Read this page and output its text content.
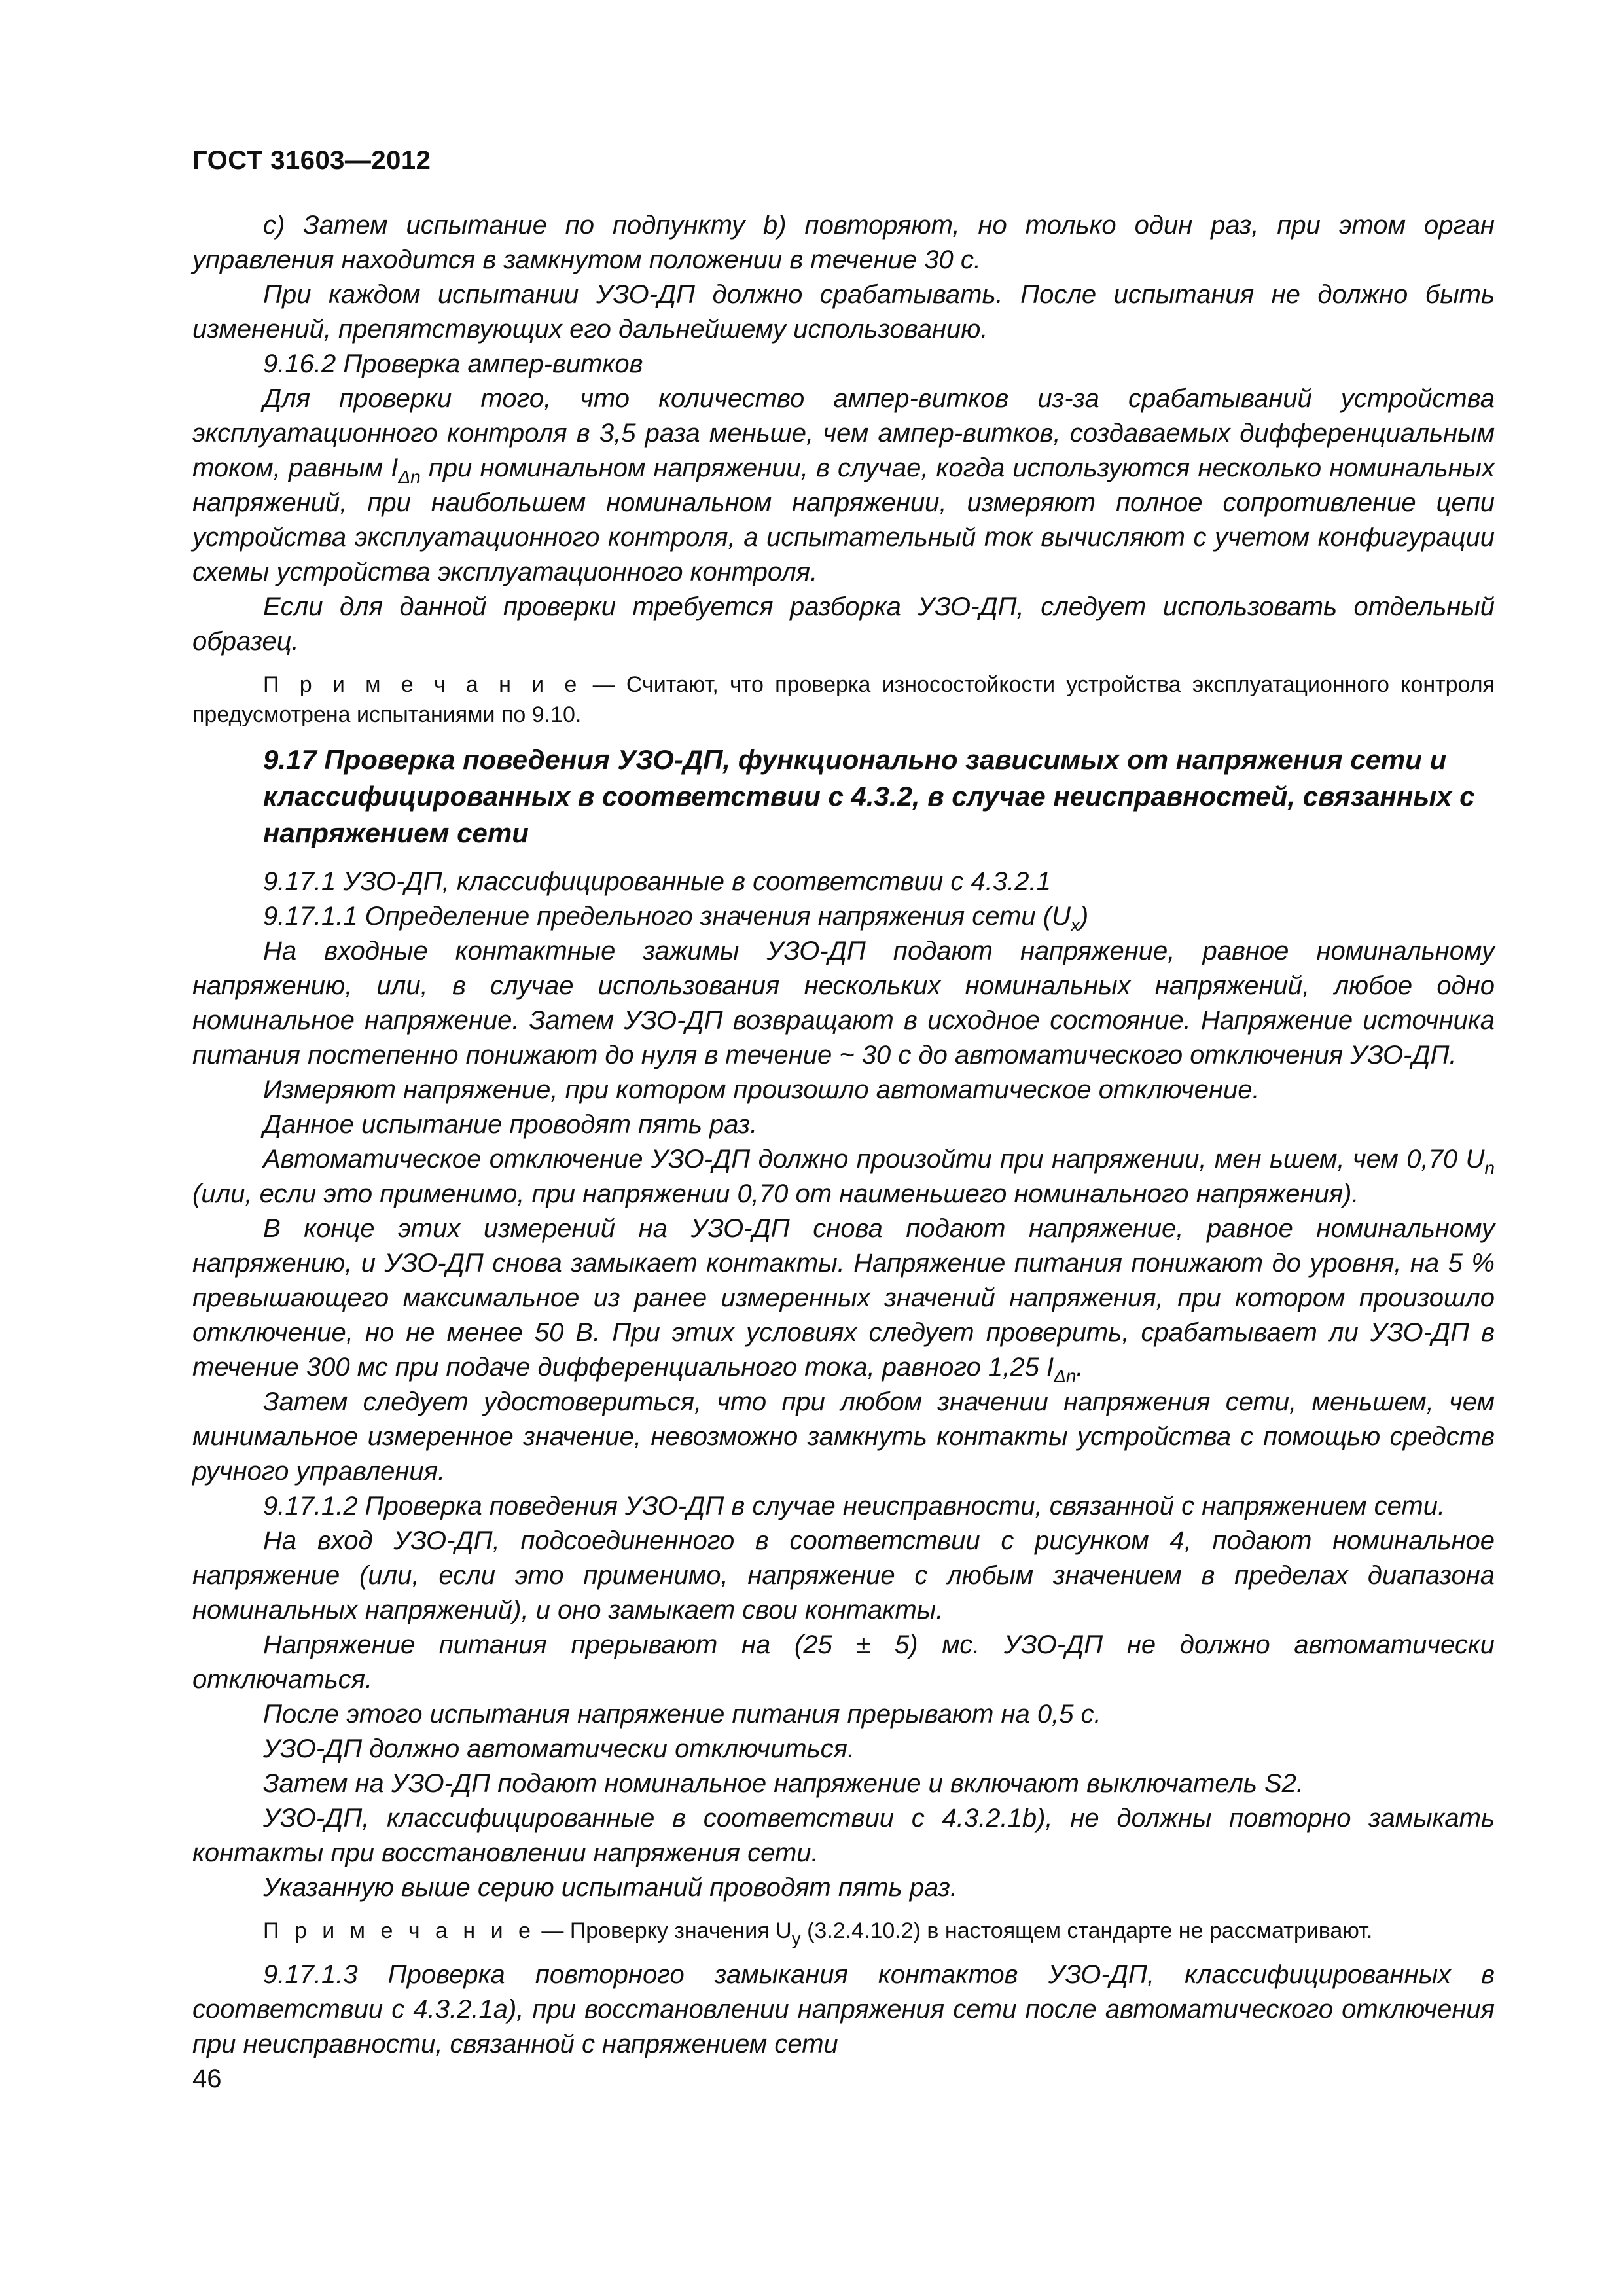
ГОСТ 31603—2012

c) Затем испытание по подпункту b) повторяют, но только один раз, при этом орган управления находится в замкнутом положении в течение 30 с.

При каждом испытании УЗО-ДП должно срабатывать. После испытания не должно быть изменений, препятствующих его дальнейшему использованию.

9.16.2 Проверка ампер-витков

Для проверки того, что количество ампер-витков из-за срабатываний устройства эксплуатационного контроля в 3,5 раза меньше, чем ампер-витков, создаваемых дифференциальным током, равным $I_{\Delta n}$ при номинальном напряжении, в случае, когда используются несколько номинальных напряжений, при наибольшем номинальном напряжении, измеряют полное сопротивление цепи устройства эксплуатационного контроля, а испытательный ток вычисляют с учетом конфигурации схемы устройства эксплуатационного контроля.

Если для данной проверки требуется разборка УЗО-ДП, следует использовать отдельный образец.

П р и м е ч а н и е — Считают, что проверка износостойкости устройства эксплуатационного контроля предусмотрена испытаниями по 9.10.

9.17 Проверка поведения УЗО-ДП, функционально зависимых от напряжения сети и классифицированных в соответствии с 4.3.2, в случае неисправностей, связанных с напряжением сети

9.17.1 УЗО-ДП, классифицированные в соответствии с 4.3.2.1

9.17.1.1 Определение предельного значения напряжения сети $(U_x)$

На входные контактные зажимы УЗО-ДП подают напряжение, равное номинальному напряжению, или, в случае использования нескольких номинальных напряжений, любое одно номинальное напряжение. Затем УЗО-ДП возвращают в исходное состояние. Напряжение источника питания постепенно понижают до нуля в течение ~ 30 с до автоматического отключения УЗО-ДП.

Измеряют напряжение, при котором произошло автоматическое отключение.

Данное испытание проводят пять раз.

Автоматическое отключение УЗО-ДП должно произойти при напряжении, мен ьшем, чем 0,70 $U_n$ (или, если это применимо, при напряжении 0,70 от наименьшего номинального напряжения).

В конце этих измерений на УЗО-ДП снова подают напряжение, равное номинальному напряжению, и УЗО-ДП снова замыкает контакты. Напряжение питания понижают до уровня, на 5 % превышающего максимальное из ранее измеренных значений напряжения, при котором произошло отключение, но не менее 50 В. При этих условиях следует проверить, срабатывает ли УЗО-ДП в течение 300 мс при подаче дифференциального тока, равного 1,25 $I_{\Delta n}$.

Затем следует удостовериться, что при любом значении напряжения сети, меньшем, чем минимальное измеренное значение, невозможно замкнуть контакты устройства с помощью средств ручного управления.

9.17.1.2 Проверка поведения УЗО-ДП в случае неисправности, связанной с напряжением сети.

На вход УЗО-ДП, подсоединенного в соответствии с рисунком 4, подают номинальное напряжение (или, если это применимо, напряжение с любым значением в пределах диапазона номинальных напряжений), и оно замыкает свои контакты.

Напряжение питания прерывают на (25 ± 5) мс. УЗО-ДП не должно автоматически отключаться.

После этого испытания напряжение питания прерывают на 0,5 с.

УЗО-ДП должно автоматически отключиться.

Затем на УЗО-ДП подают номинальное напряжение и включают выключатель S2.

УЗО-ДП, классифицированные в соответствии с 4.3.2.1b), не должны повторно замыкать контакты при восстановлении напряжения сети.

Указанную выше серию испытаний проводят пять раз.

П р и м е ч а н и е — Проверку значения $U_y$ (3.2.4.10.2) в настоящем стандарте не рассматривают.

9.17.1.3 Проверка повторного замыкания контактов УЗО-ДП, классифицированных в соответствии с 4.3.2.1a), при восстановлении напряжения сети после автоматического отключения при неисправности, связанной с напряжением сети

46
